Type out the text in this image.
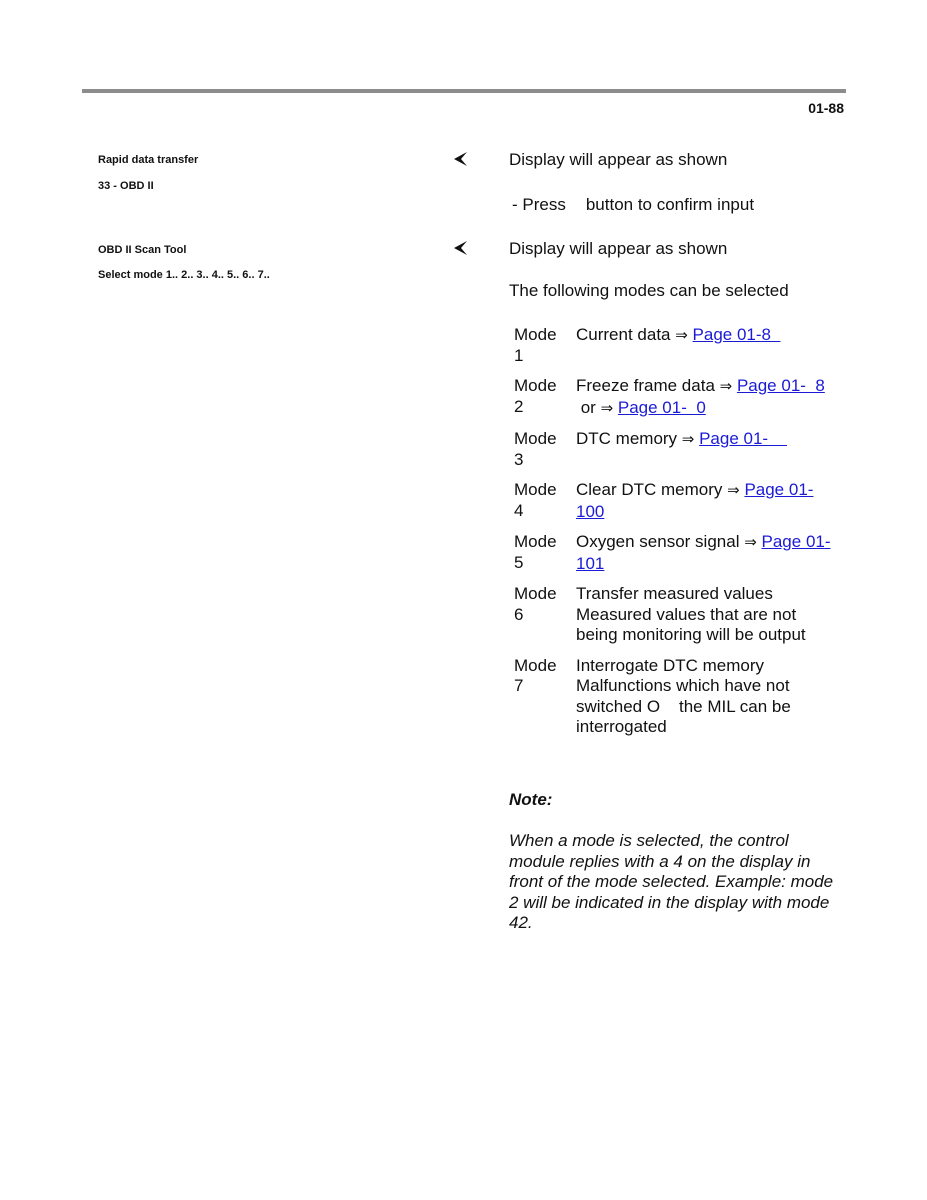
01-88
Rapid data transfer
33 - OBD II
OBD II Scan Tool
Select mode 1.. 2.. 3.. 4.. 5.. 6.. 7..
Display will appear as shown
- Press button to confirm input
Display will appear as shown
The following modes can be selected
Mode
1	Current data ⇒ Page 01-8
Mode
2	Freeze frame data ⇒ Page 01-  8 or ⇒ Page 01-  0
Mode
3	DTC memory ⇒ Page 01-
Mode
4	Clear DTC memory ⇒ Page 01-100
Mode
5	Oxygen sensor signal ⇒ Page 01-101
Mode
6	Transfer measured values Measured values that are not being monitoring will be output
Mode
7	Interrogate DTC memory Malfunctions which have not switched O    the MIL can be interrogated
Note:
When a mode is selected, the control module replies with a 4 on the display in front of the mode selected. Example: mode 2 will be indicated in the display with mode 42.
